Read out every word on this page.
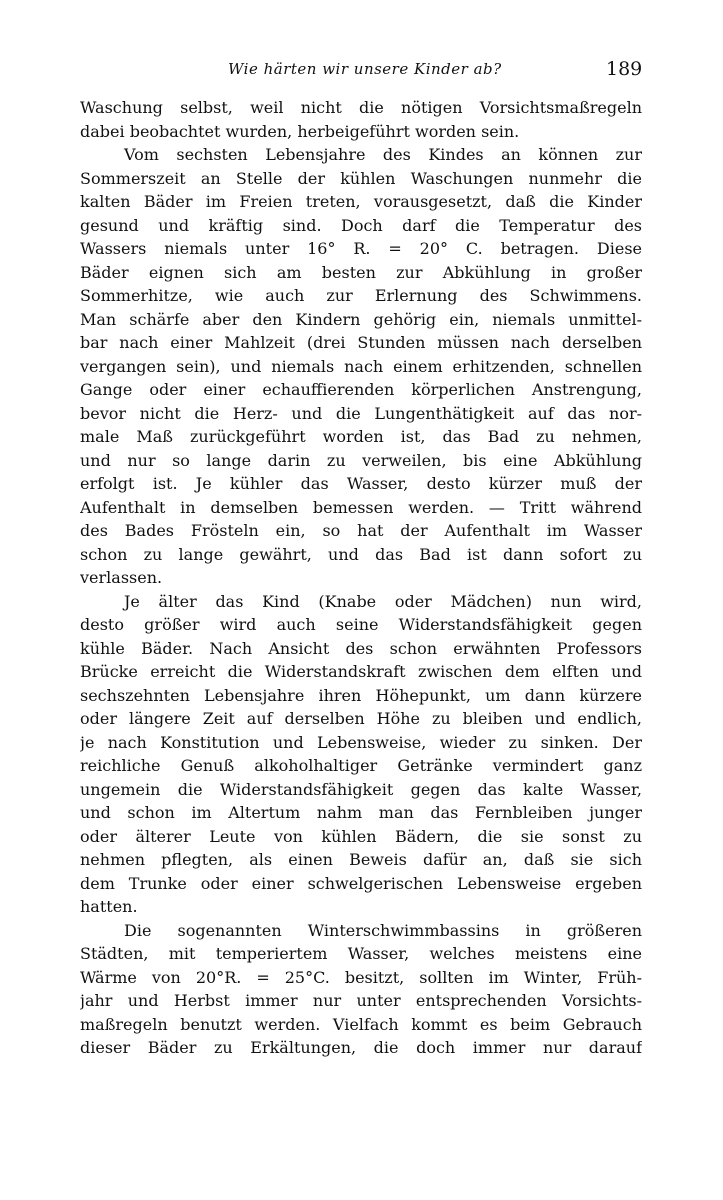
Wie härten wir unsere Kinder ab?	189
Waschung selbst, weil nicht die nötigen Vorsichtsmaßregeln
dabei beobachtet wurden, herbeigeführt worden sein.
Vom sechsten Lebensjahre des Kindes an können zur
Sommerszeit an Stelle der kühlen Waschungen nunmehr die
kalten Bäder im Freien treten, vorausgesetzt, daß die Kinder
gesund und kräftig sind. Doch darf die Temperatur des
Wassers niemals unter 16° R. = 20° C. betragen. Diese
Bäder eignen sich am besten zur Abkühlung in großer
Sommerhitze, wie auch zur Erlernung des Schwimmens.
Man schärfe aber den Kindern gehörig ein, niemals unmittel-
bar nach einer Mahlzeit (drei Stunden müssen nach derselben
vergangen sein), und niemals nach einem erhitzenden, schnellen
Gange oder einer echauffierenden körperlichen Anstrengung,
bevor nicht die Herz- und die Lungenthätigkeit auf das nor-
male Maß zurückgeführt worden ist, das Bad zu nehmen,
und nur so lange darin zu verweilen, bis eine Abkühlung
erfolgt ist. Je kühler das Wasser, desto kürzer muß der
Aufenthalt in demselben bemessen werden. — Tritt während
des Bades Frösteln ein, so hat der Aufenthalt im Wasser
schon zu lange gewährt, und das Bad ist dann sofort zu
verlassen.
Je älter das Kind (Knabe oder Mädchen) nun wird,
desto größer wird auch seine Widerstandsfähigkeit gegen
kühle Bäder. Nach Ansicht des schon erwähnten Professors
Brücke erreicht die Widerstandskraft zwischen dem elften und
sechszehnten Lebensjahre ihren Höhepunkt, um dann kürzere
oder längere Zeit auf derselben Höhe zu bleiben und endlich,
je nach Konstitution und Lebensweise, wieder zu sinken. Der
reichliche Genuß alkoholhaltiger Getränke vermindert ganz
ungemein die Widerstandsfähigkeit gegen das kalte Wasser,
und schon im Altertum nahm man das Fernbleiben junger
oder älterer Leute von kühlen Bädern, die sie sonst zu
nehmen pflegten, als einen Beweis dafür an, daß sie sich
dem Trunke oder einer schwelgerischen Lebensweise ergeben
hatten.
Die sogenannten Winterschwimmbassins in größeren
Städten, mit temperiertem Wasser, welches meistens eine
Wärme von 20°R. = 25°C. besitzt, sollten im Winter, Früh-
jahr und Herbst immer nur unter entsprechenden Vorsichts-
maßregeln benutzt werden. Vielfach kommt es beim Gebrauch
dieser Bäder zu Erkältungen, die doch immer nur darauf
